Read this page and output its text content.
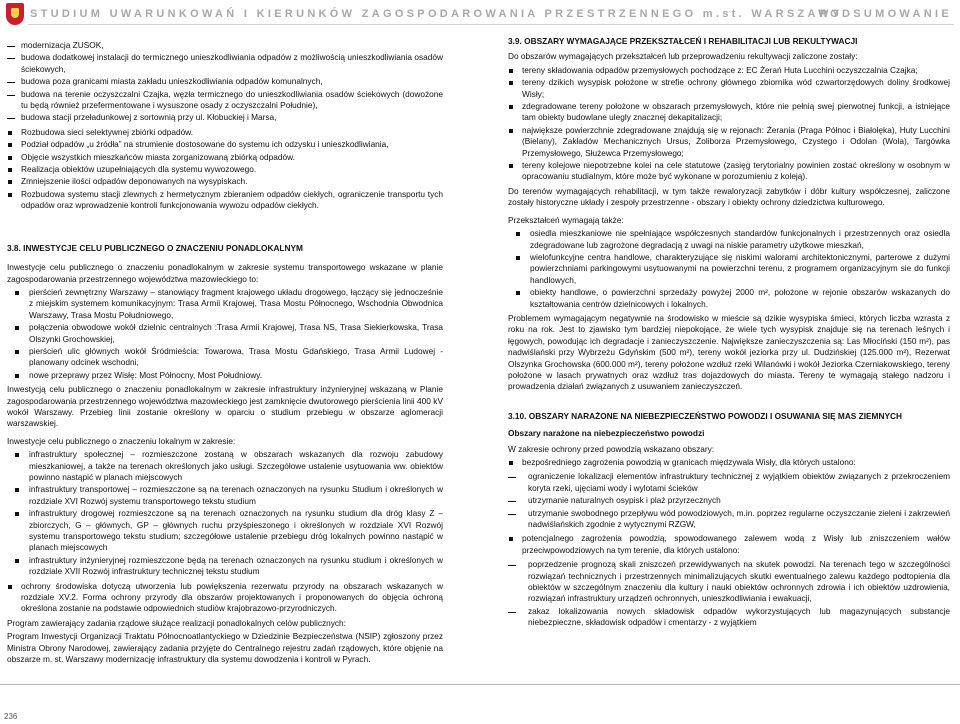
STUDIUM UWARUNKOWAŃ I KIERUNKÓW ZAGOSPODAROWANIA PRZESTRZENNEGO m.st. WARSZAWY
PODSUMOWANIE
modernizacja ZUSOK,
budowa dodatkowej instalacji do termicznego unieszkodliwiania odpadów z możliwością unieszkodliwiania osadów ściekowych,
budowa poza granicami miasta zakładu unieszkodliwiania odpadów komunalnych,
budowa na terenie oczyszczalni Czajka, węzła termicznego do unieszkodliwiania osadów ściekowych (dowożone tu będą również przefermentowane i wysuszone osady z oczyszczalni Południe),
budowa stacji przeładunkowej z sortownią przy ul. Kłobuckiej i Marsa,
Rozbudowa sieci selektywnej zbiórki odpadów.
Podział odpadów „u źródła” na strumienie dostosowane do systemu ich odzysku i unieszkodliwiania,
Objęcie wszystkich mieszkańców miasta zorganizowaną zbiórką odpadów.
Realizacja obiektów uzupełniających dla systemu wywozowego.
Zmniejszenie ilości odpadów deponowanych na wysypiskach.
Rozbudowa systemu stacji zlewnych z hermetycznym zbieraniem odpadów ciekłych, ograniczenie transportu tych odpadów oraz wprowadzenie kontroli funkcjonowania wywozu odpadów ciekłych.

3.8. INWESTYCJE CELU PUBLICZNEGO O ZNACZENIU PONADLOKALNYM

Inwestycje celu publicznego o znaczeniu ponadlokalnym w zakresie systemu transportowego wskazane w planie zagospodarowania przestrzennego województwa mazowieckiego to:

pierścień zewnętrzny Warszawy – stanowiący fragment krajowego układu drogowego, łączący się jednocześnie z miejskim systemem komunikacyjnym: Trasa Armii Krajowej, Trasa Mostu Północnego, Wschodnia Obwodnica Warszawy, Trasa Mostu Południowego,
połączenia obwodowe wokół dzielnic centralnych :Trasa Armii Krajowej, Trasa NS, Trasa Siekierkowska, Trasa Olszynki Grochowskiej,
pierścień ulic głównych wokół Śródmieścia: Towarowa, Trasa Mostu Gdańskiego, Trasa Armii Ludowej - planowany odcinek wschodni,
nowe przeprawy przez Wisłę: Most Północny, Most Południowy.

Inwestycją celu publicznego o znaczeniu ponadlokalnym w zakresie infrastruktury inżynieryjnej wskazaną w Planie zagospodarowania przestrzennego województwa mazowieckiego jest zamknięcie dwutorowego pierścienia linii 400 kV wokół Warszawy. Przebieg linii zostanie określony w oparciu o studium przebiegu w obszarze aglomeracji warszawskiej.

Inwestycje celu publicznego o znaczeniu lokalnym w zakresie:

infrastruktury społecznej – rozmieszczone zostaną w obszarach wskazanych dla rozwoju zabudowy mieszkaniowej, a także na terenach określonych jako usługi. Szczegółowe ustalenie usytuowania ww. obiektów powinno nastąpić w planach miejscowych
infrastruktury transportowej – rozmieszczone są na terenach oznaczonych na rysunku Studium i określonych w rozdziale XVI Rozwój systemu transportowego tekstu studium
infrastruktury drogowej rozmieszczone są na terenach oznaczonych na rysunku studium dla dróg klasy Z – zbiorczych, G – głównych, GP – głównych ruchu przyśpieszonego i określonych w rozdziale XVI Rozwój systemu transportowego tekstu studium; szczegółowe ustalenie przebiegu dróg lokalnych powinno nastąpić w planach miejscowych
infrastruktury inżynieryjnej rozmieszczone będą na terenach oznaczonych na rysunku studium i określonych w rozdziale XVII Rozwój infrastruktury technicznej tekstu studium
ochrony środowiska dotyczą utworzenia lub powiększenia rezerwatu przyrody na obszarach wskazanych w rozdziale XV.2. Forma ochrony przyrody dla obszarów projektowanych i proponowanych do objęcia ochroną określona zostanie na podstawie odpowiednich studiów krajobrazowo-przyrodniczych.

Program zawierający zadania rządowe służące realizacji ponadlokalnych celów publicznych:

Program Inwestycji Organizacji Traktatu Północnoatlantyckiego w Dziedzinie Bezpieczeństwa (NSIP) zgłoszony przez Ministra Obrony Narodowej, zawierający zadania przyjęte do Centralnego rejestru zadań rządowych, które objęnie na obszarze m. st. Warszawy modernizację infrastruktury dla systemu dowodzenia i kontroli w Pyrach.

3.9. OBSZARY WYMAGAJĄCE PRZEKSZTAŁCEŃ I REHABILITACJI LUB REKULTYWACJI

Do obszarów wymagających przekształceń lub przeprowadzeniu rekultywacji zaliczone zostały:

tereny składowania odpadów przemysłowych pochodzące z: EC Żerań Huta Lucchini oczyszczalnia Czajka;
tereny dzikich wysypisk położone w strefie ochrony głównego zbiornika wód czwartorzędowych doliny środkowej Wisły;
zdegradowane tereny położone w obszarach przemysłowych, które nie pełnią swej pierwotnej funkcji, a istniejące tam obiekty budowlane ulegly znacznej dekapitalizacji;
największe powierzchnie zdegradowane znajdują się w rejonach: Żerania (Praga Północ i Białołęka), Huty Lucchini (Bielany), Zakładów Mechanicznych Ursus, Żoliborza Przemysłowego, Czystego i Odolan (Wola), Targówka Przemysłowego, Służewca Przemysłowego;
tereny kolejowe niepotrzebne kolei na cele statutowe (zasięg terytorialny powinien zostać określony w osobnym w opracowaniu studialnym, które może być wykonane w porozumieniu z koleją).

Do terenów wymagających rehabilitacji, w tym także rewaloryzacji zabytków i dóbr kultury współczesnej, zaliczone zostały historyczne układy i zespoły przestrzenne - obszary i obiekty ochrony dziedzictwa kulturowego.

Przekształceń wymagają także:

osiedla mieszkaniowe nie spełniające współczesnych standardów funkcjonalnych i przestrzennych oraz osiedla zdegradowane lub zagrożone degradacją z uwagi na niskie parametry użytkowe mieszkań,
wielofunkcyjne centra handlowe, charakteryzujące się niskimi walorami architektonicznymi, parterowe z dużymi powierzchniami parkingowymi usytuowanymi na powierzchni terenu, z programem organizacyjnym sie do funkcji handlowych,
obiekty handlowe, o powierzchni sprzedaży powyżej 2000 m², położone w rejonie obszarów wskazanych do kształtowania centrów dzielnicowych i lokalnych.

Problemem wymagającym negatywnie na środowisko w mieście są dzikie wysypiska śmieci, których liczba wzrasta z roku na rok. Jest to zjawisko tym bardziej niepokojące, że wiele tych wysypisk znajduje się na terenach leśnych i łęgowych, powodując ich degradacje i zanieczyszczenie. Największe zanieczyszczenia są: Las Młociński (150 m²), pas nadwiślański przy Wybrzeżu Gdyńskim (500 m²), tereny wokół jeziorka przy ul. Dudzińskiej (125.000 m²), Rezerwat Olszynka Grochowska (600.000 m²), tereny położone wzdłuż rzeki Wilanówki i wokół Jeziorka Czerniakowskiego, tereny położone w lasach prywatnych oraz wzdłuż tras dojazdowych do miasta. Tereny te wymagają stałego nadzoru i prowadzenia działań związanych z usuwaniem zanieczyszczeń.

3.10. OBSZARY NARAŻONE NA NIEBEZPIECZEŃSTWO POWODZI I OSUWANIA SIĘ MAS ZIEMNYCH

Obszary narażone na niebezpieczeństwo powodzi

W zakresie ochrony przed powodzią wskazano obszary:

bezpośredniego zagrożenia powodzią w granicach międzywala Wisły, dla których ustalono:
ograniczenie lokalizacji elementów infrastruktury technicznej z wyjątkiem obiektów związanych z przekroczeniem koryta rzeki, ujęciami wody i wylotami ścieków
utrzymanie naturalnych osypisk i plaż przyrzecznych
utrzymanie swobodnego przepływu wód powodziowych, m.in. poprzez regularne oczyszczanie zieleni i zakrzewień nadwiślańskich zgodnie z wytycznymi RZGW,
potencjalnego zagrożenia powodzią, spowodowanego zalewem wodą z Wisły lub zniszczeniem wałów przeciwpowodziowych na tym terenie, dla których ustalono:
poprzedzenie prognozą skali zniszczeń przewidywanych na skutek powodzi. Na terenach tego w szczególności rozwiązań technicznych i przestrzennych minimalizujących skutki ewentualnego zalewu każdego podtopienia dla obiektów w szczególnym znaczeniu dla kultury i nauki obiektów ochronnych zdrowia i ich obiektów uzdrowienia, rozwiązań infrastruktury urządzeń ochronnych, unieszkodliwiania i ewakuacji,
zakaz lokalizowania nowych składowisk odpadów wykorzystujących lub magazynujących substancje niebezpieczne, składowisk odpadów i cmentarzy - z wyjątkiem
236
